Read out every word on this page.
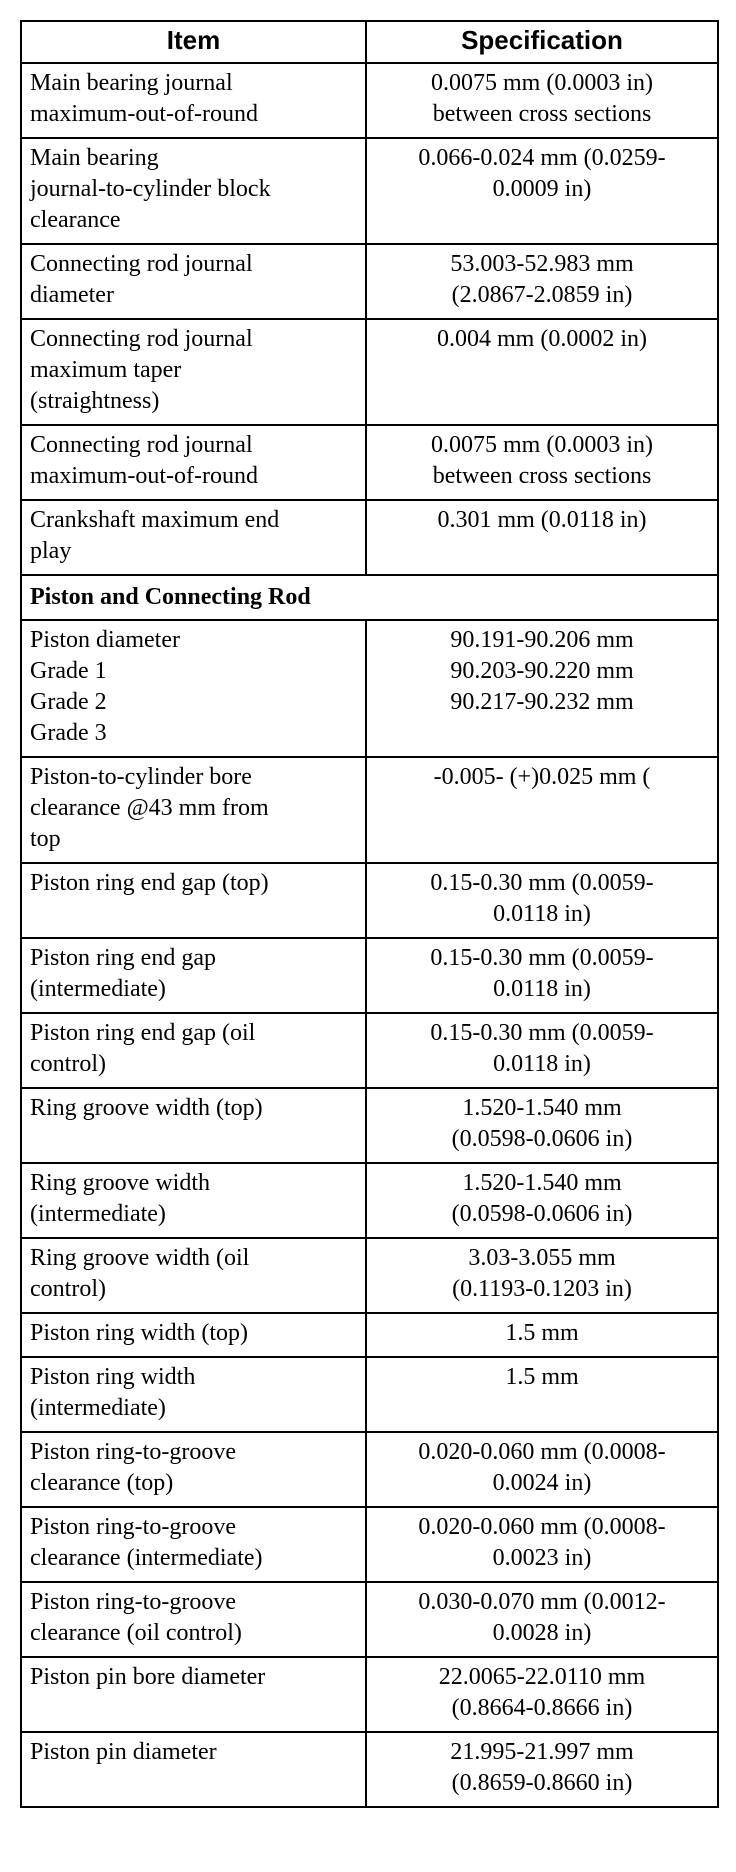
Item	Specification

Main bearing journal
maximum-out-of-round	0.0075 mm (0.0003 in)
between cross sections

Main bearing
journal-to-cylinder block
clearance	0.066-0.024 mm (0.0259-
0.0009 in)

Connecting rod journal
diameter	53.003-52.983 mm
(2.0867-2.0859 in)

Connecting rod journal
maximum taper
(straightness)	0.004 mm (0.0002 in)

Connecting rod journal
maximum-out-of-round	0.0075 mm (0.0003 in)
between cross sections

Crankshaft maximum end
play	0.301 mm (0.0118 in)

Piston and Connecting Rod	

Piston diameter
Grade 1
Grade 2
Grade 3	90.191-90.206 mm
90.203-90.220 mm
90.217-90.232 mm

Piston-to-cylinder bore
clearance @43 mm from
top	-0.005- (+)0.025 mm (

Piston ring end gap (top)	0.15-0.30 mm (0.0059-
0.0118 in)

Piston ring end gap
(intermediate)	0.15-0.30 mm (0.0059-
0.0118 in)

Piston ring end gap (oil
control)	0.15-0.30 mm (0.0059-
0.0118 in)

Ring groove width (top)	1.520-1.540 mm
(0.0598-0.0606 in)

Ring groove width
(intermediate)	1.520-1.540 mm
(0.0598-0.0606 in)

Ring groove width (oil
control)	3.03-3.055 mm
(0.1193-0.1203 in)

Piston ring width (top)	1.5 mm

Piston ring width
(intermediate)	1.5 mm

Piston ring-to-groove
clearance (top)	0.020-0.060 mm (0.0008-
0.0024 in)

Piston ring-to-groove
clearance (intermediate)	0.020-0.060 mm (0.0008-
0.0023 in)

Piston ring-to-groove
clearance (oil control)	0.030-0.070 mm (0.0012-
0.0028 in)

Piston pin bore diameter	22.0065-22.0110 mm
(0.8664-0.8666 in)

Piston pin diameter	21.995-21.997 mm
(0.8659-0.8660 in)
